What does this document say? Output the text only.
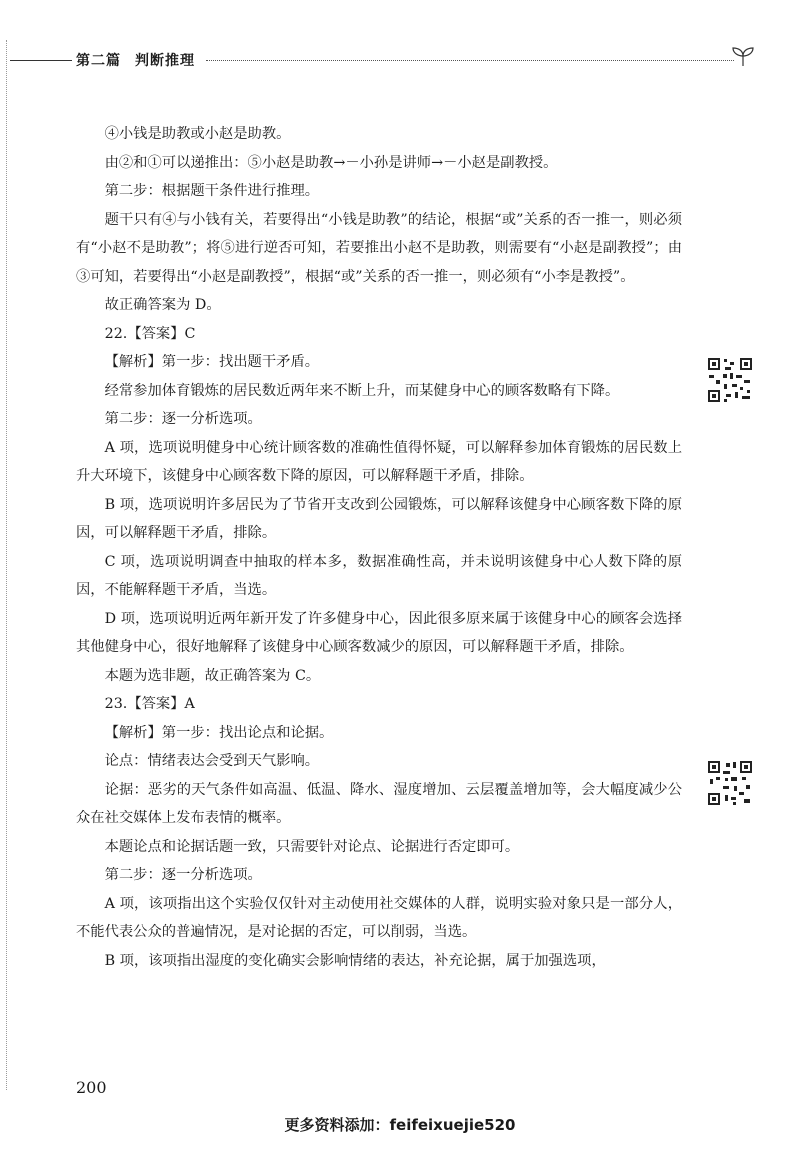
第二篇 判断推理

④小钱是助教或小赵是助教。

由②和①可以递推出：⑤小赵是助教→－小孙是讲师→－小赵是副教授。

第二步：根据题干条件进行推理。

题干只有④与小钱有关，若要得出“小钱是助教”的结论，根据“或”关系的否一推一，则必须有“小赵不是助教”；将⑤进行逆否可知，若要推出小赵不是助教，则需要有“小赵是副教授”；由③可知，若要得出“小赵是副教授”，根据“或”关系的否一推一，则必须有“小李是教授”。

故正确答案为 D。

22.【答案】C

【解析】第一步：找出题干矛盾。

经常参加体育锻炼的居民数近两年来不断上升，而某健身中心的顾客数略有下降。

第二步：逐一分析选项。

A 项，选项说明健身中心统计顾客数的准确性值得怀疑，可以解释参加体育锻炼的居民数上升大环境下，该健身中心顾客数下降的原因，可以解释题干矛盾，排除。

B 项，选项说明许多居民为了节省开支改到公园锻炼，可以解释该健身中心顾客数下降的原因，可以解释题干矛盾，排除。

C 项，选项说明调查中抽取的样本多，数据准确性高，并未说明该健身中心人数下降的原因，不能解释题干矛盾，当选。

D 项，选项说明近两年新开发了许多健身中心，因此很多原来属于该健身中心的顾客会选择其他健身中心，很好地解释了该健身中心顾客数减少的原因，可以解释题干矛盾，排除。

本题为选非题，故正确答案为 C。

23.【答案】A

【解析】第一步：找出论点和论据。

论点：情绪表达会受到天气影响。

论据：恶劣的天气条件如高温、低温、降水、湿度增加、云层覆盖增加等，会大幅度减少公众在社交媒体上发布表情的概率。

本题论点和论据话题一致，只需要针对论点、论据进行否定即可。

第二步：逐一分析选项。

A 项，该项指出这个实验仅仅针对主动使用社交媒体的人群，说明实验对象只是一部分人，不能代表公众的普遍情况，是对论据的否定，可以削弱，当选。

B 项，该项指出湿度的变化确实会影响情绪的表达，补充论据，属于加强选项，

200
更多资料添加：feifeixuejie520
